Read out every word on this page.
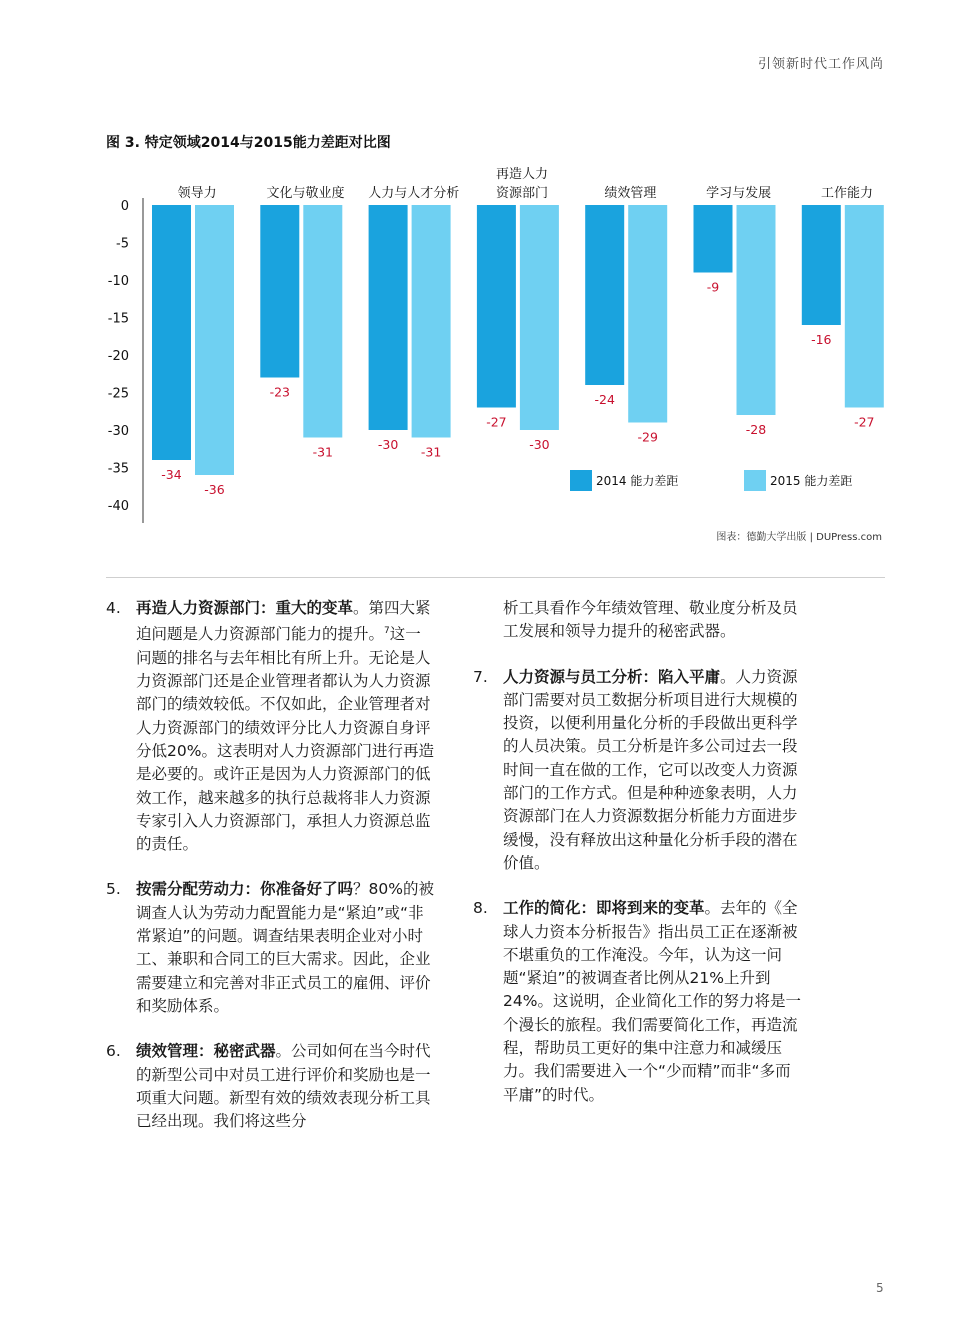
引领新时代工作风尚
图 3. 特定领域2014与2015能力差距对比图
0
-5
-10
-15
-20
-25
-30
-35
-40
领导力	文化与敬业度 人力与人才分析
再造人力
资源部门	绩效管理	学习与发展	工作能力
-34
-23
-30
-27
-24
-9
-16
-36
-31	-31	-30	-29	-28	-27
2014 能力差距	2015 能力差距
图表：德勤大学出版 | DUPress.com
4. 再造人力资源部门：重大的变革。第四大紧迫问题是人力资源部门能力的提升。$^7$这一问题的排名与去年相比有所上升。无论是人力资源部门还是企业管理者都认为人力资源部门的绩效较低。不仅如此，企业管理者对人力资源部门的绩效评分比人力资源自身评分低20%。这表明对人力资源部门进行再造是必要的。或许正是因为人力资源部门的低效工作，越来越多的执行总裁将非人力资源专家引入人力资源部门，承担人力资源总监的责任。
5. 按需分配劳动力：你准备好了吗？80%的被调查人认为劳动力配置能力是“紧迫”或“非常紧迫”的问题。调查结果表明企业对小时工、兼职和合同工的巨大需求。因此，企业需要建立和完善对非正式员工的雇佣、评价和奖励体系。
6. 绩效管理：秘密武器。公司如何在当今时代的新型公司中对员工进行评价和奖励也是一项重大问题。新型有效的绩效表现分析工具已经出现。我们将这些分
析工具看作今年绩效管理、敬业度分析及员工发展和领导力提升的秘密武器。
7. 人力资源与员工分析：陷入平庸。人力资源部门需要对员工数据分析项目进行大规模的投资，以便利用量化分析的手段做出更科学的人员决策。员工分析是许多公司过去一段时间一直在做的工作，它可以改变人力资源部门的工作方式。但是种种迹象表明，人力资源部门在人力资源数据分析能力方面进步缓慢，没有释放出这种量化分析手段的潜在价值。
8. 工作的简化：即将到来的变革。去年的《全球人力资本分析报告》指出员工正在逐渐被不堪重负的工作淹没。今年，认为这一问题“紧迫”的被调查者比例从21%上升到24%。这说明，企业简化工作的努力将是一个漫长的旅程。我们需要简化工作，再造流程，帮助员工更好的集中注意力和减缓压力。我们需要进入一个“少而精”而非“多而平庸”的时代。
5
